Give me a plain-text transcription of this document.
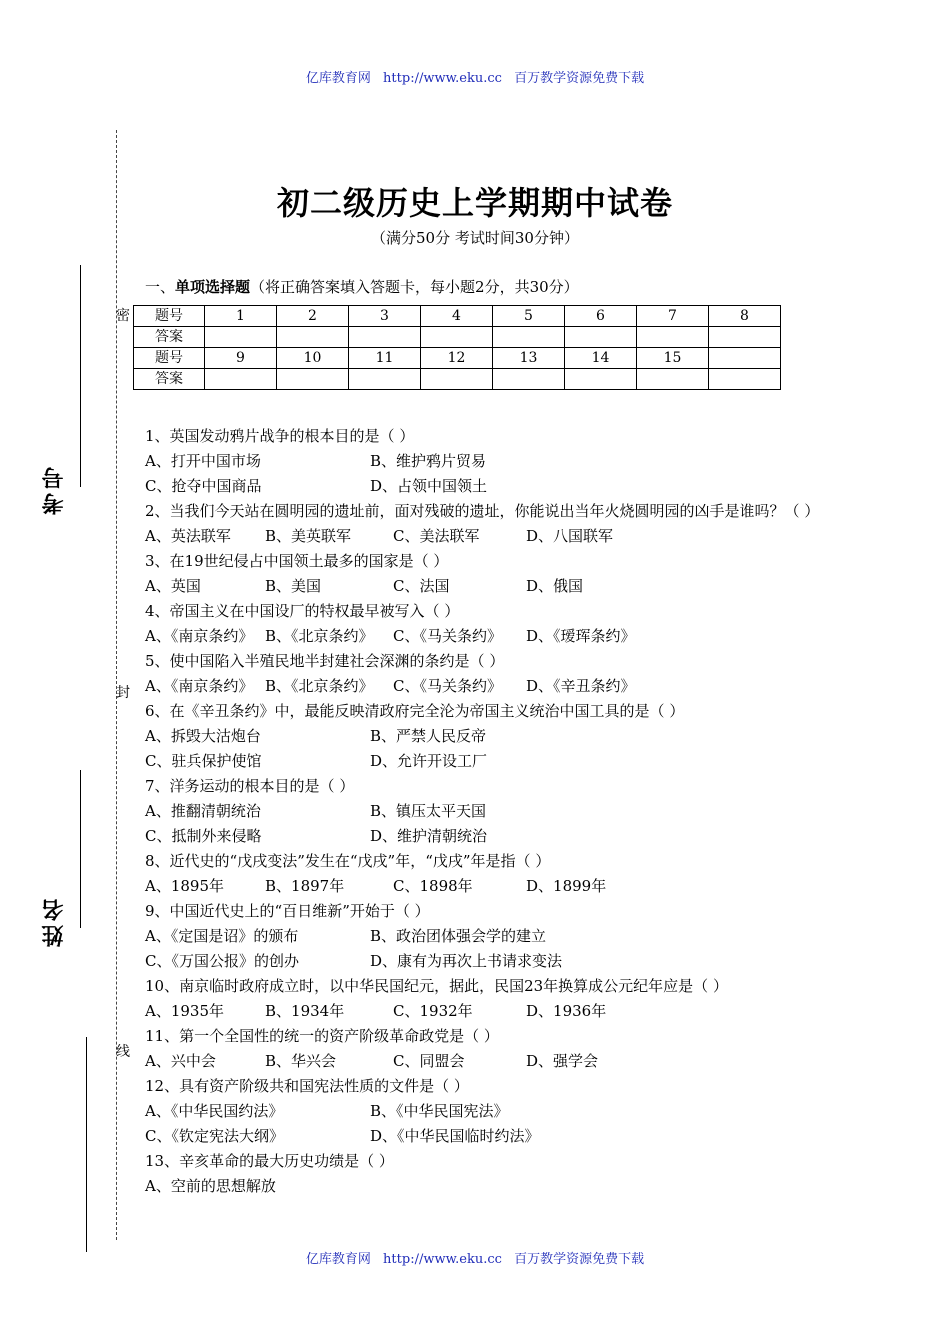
亿库教育网 http://www.eku.cc 百万教学资源免费下载
密
封
线
考号
姓名
初二级历史上学期期中试卷
（满分50分 考试时间30分钟）
一、单项选择题（将正确答案填入答题卡，每小题2分，共30分）
题号	1	2	3	4	5	6	7	8
答案								
题号	9	10	11	12	13	14	15	
答案								
1、英国发动鸦片战争的根本目的是（ ）
A、打开中国市场	B、维护鸦片贸易
C、抢夺中国商品	D、占领中国领土
2、当我们今天站在圆明园的遗址前，面对残破的遗址，你能说出当年火烧圆明园的凶手是谁吗？（ ）
A、英法联军 B、美英联军	C、美法联军	D、八国联军
3、在19世纪侵占中国领土最多的国家是（ ）
A、英国	B、美国	C、法国	D、俄国
4、帝国主义在中国设厂的特权最早被写入（ ）
A、《南京条约》 B、《北京条约》 C、《马关条约》 D、《瑷珲条约》
5、使中国陷入半殖民地半封建社会深渊的条约是（ ）
A、《南京条约》 B、《北京条约》 C、《马关条约》 D、《辛丑条约》
6、在《辛丑条约》中，最能反映清政府完全沦为帝国主义统治中国工具的是（ ）
A、拆毁大沽炮台	B、严禁人民反帝
C、驻兵保护使馆	D、允许开设工厂
7、洋务运动的根本目的是（ ）
A、推翻清朝统治	B、镇压太平天国
C、抵制外来侵略	D、维护清朝统治
8、近代史的“戊戌变法”发生在“戊戌”年，“戊戌”年是指（ ）
A、1895年	B、1897年	C、1898年	D、1899年
9、中国近代史上的“百日维新”开始于（ ）
A、《定国是诏》的颁布	B、政治团体强会学的建立
C、《万国公报》的创办	D、康有为再次上书请求变法
10、南京临时政府成立时，以中华民国纪元，据此，民国23年换算成公元纪年应是（ ）
A、1935年	B、1934年	C、1932年	D、1936年
11、第一个全国性的统一的资产阶级革命政党是（ ）
A、兴中会	B、华兴会	C、同盟会	D、强学会
12、具有资产阶级共和国宪法性质的文件是（ ）
A、《中华民国约法》	B、《中华民国宪法》
C、《钦定宪法大纲》	D、《中华民国临时约法》
13、辛亥革命的最大历史功绩是（ ）
A、空前的思想解放
亿库教育网 http://www.eku.cc 百万教学资源免费下载
